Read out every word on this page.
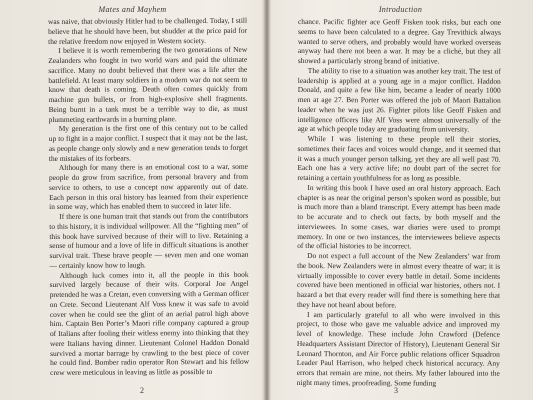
Mates and Mayhem

was naive, that obviously Hitler had to be challenged. Today, I still believe that he should have been, but shudder at the price paid for the relative freedom now enjoyed in Western society.

I believe it is worth remembering the two generations of New Zealanders who fought in two world wars and paid the ultimate sacrifice. Many no doubt believed that there was a life after the battlefield. At least many soldiers in a modern war do not seem to know that death is coming. Death often comes quickly from machine gun bullets, or from high-explosive shell fragments. Being burnt in a tank must be a terrible way to die, as must plummeting earthwards in a burning plane.

My generation is the first one of this century not to be called up to fight in a major conflict. I suspect that it may not be the last, as people change only slowly and a new generation tends to forget the mistakes of its forbears.

Although for many there is an emotional cost to a war, some people do grow from sacrifice, from personal bravery and from service to others, to use a concept now apparently out of date. Each person in this oral history has learned from their experience in some way, which has enabled them to succeed in later life.

If there is one human trait that stands out from the contributors to this history, it is individual willpower. All the “fighting men” of this book have survived because of their will to live. Retaining a sense of humour and a love of life in difficult situations is another survival trait. These brave people — seven men and one woman — certainly know how to laugh.

Although luck comes into it, all the people in this book survived largely because of their wits. Corporal Joe Angel pretended he was a Cretan, even conversing with a German officer on Crete. Second Lieutenant Alf Voss knew it was safe to avoid cover when he could see the glint of an aerial patrol high above him. Captain Ben Porter’s Maori rifle company captured a group of Italians after fooling their witless enemy into thinking that they were Italians having dinner. Lieutenant Colonel Haddon Donald survived a mortar barrage by crawling to the best piece of cover he could find. Bomber radio operator Ron Stewart and his fellow crew were meticulous in leaving as little as possible to

2
Introduction

chance. Pacific fighter ace Geoff Fisken took risks, but each one seems to have been calculated to a degree. Gay Trevithick always wanted to serve others, and probably would have worked overseas anyway had there not been a war. It may be a cliché, but they all showed a particularly strong brand of initiative.

The ability to rise to a situation was another key trait. The test of leadership is applied at a young age in a major conflict. Haddon Donald, and quite a few like him, became a leader of nearly 1000 men at age 27. Ben Porter was offered the job of Maori Battalion leader when he was just 26. Fighter pilots like Geoff Fisken and intelligence officers like Alf Voss were almost universally of the age at which people today are graduating from university.

While I was listening to these people tell their stories, sometimes their faces and voices would change, and it seemed that it was a much younger person talking, yet they are all well past 70. Each one has a very active life; no doubt part of the secret for retaining a certain youthfulness for as long as possible.

In writing this book I have used an oral history approach. Each chapter is as near the original person’s spoken word as possible, but is much more than a bland transcript. Every attempt has been made to be accurate and to check out facts, by both myself and the interviewees. In some cases, war diaries were used to prompt memory. In one or two instances, the interviewees believe aspects of the official histories to be incorrect.

Do not expect a full account of the New Zealanders’ war from the book. New Zealanders were in almost every theatre of war; it is virtually impossible to cover every battle in detail. Some incidents covered have been mentioned in official war histories, others not. I hazard a bet that every reader will find there is something here that they have not heard about before.

I am particularly grateful to all who were involved in this project, to those who gave me valuable advice and improved my level of knowledge. These include John Crawford (Defence Headquarters Assistant Director of History), Lieutenant General Sir Leonard Thornton, and Air Force public relations officer Squadron Leader Paul Harrison, who helped check historical accuracy. Any errors that remain are mine, not theirs. My father laboured into the night many times, proofreading. Some funding

3
